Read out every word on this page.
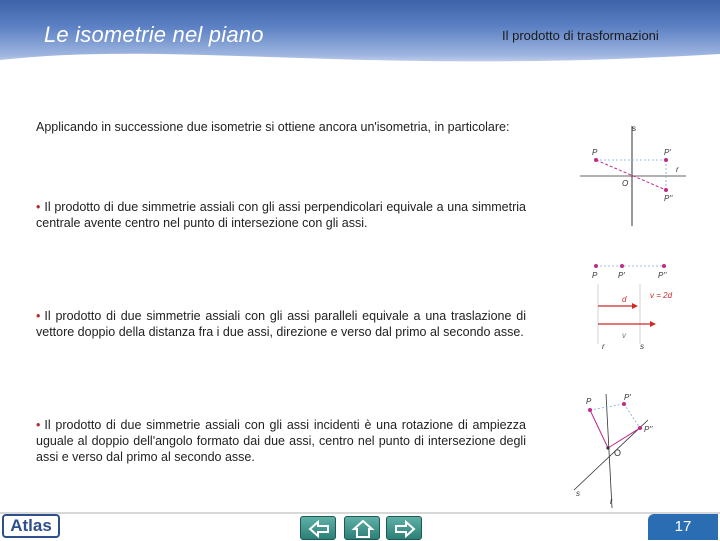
Le isometrie nel piano	Il prodotto di trasformazioni
Applicando in successione due isometrie si ottiene ancora un'isometria, in particolare:
• Il prodotto di due simmetrie assiali con gli assi perpendicolari equivale a una simmetria centrale avente centro nel punto di intersezione con gli assi.
• Il prodotto di due simmetrie assiali con gli assi paralleli equivale a una traslazione di vettore doppio della distanza fra i due assi, direzione e verso dal primo al secondo asse.
• Il prodotto di due simmetrie assiali con gli assi incidenti è una rotazione di ampiezza uguale al doppio dell'angolo formato dai due assi, centro nel punto di intersezione degli assi e verso dal primo al secondo asse.
s
r
P	P'
P''
O
P	P'	P''
d
v
v = 2d
r	s
P	P'
P''
O
s
r
Atlas	17
